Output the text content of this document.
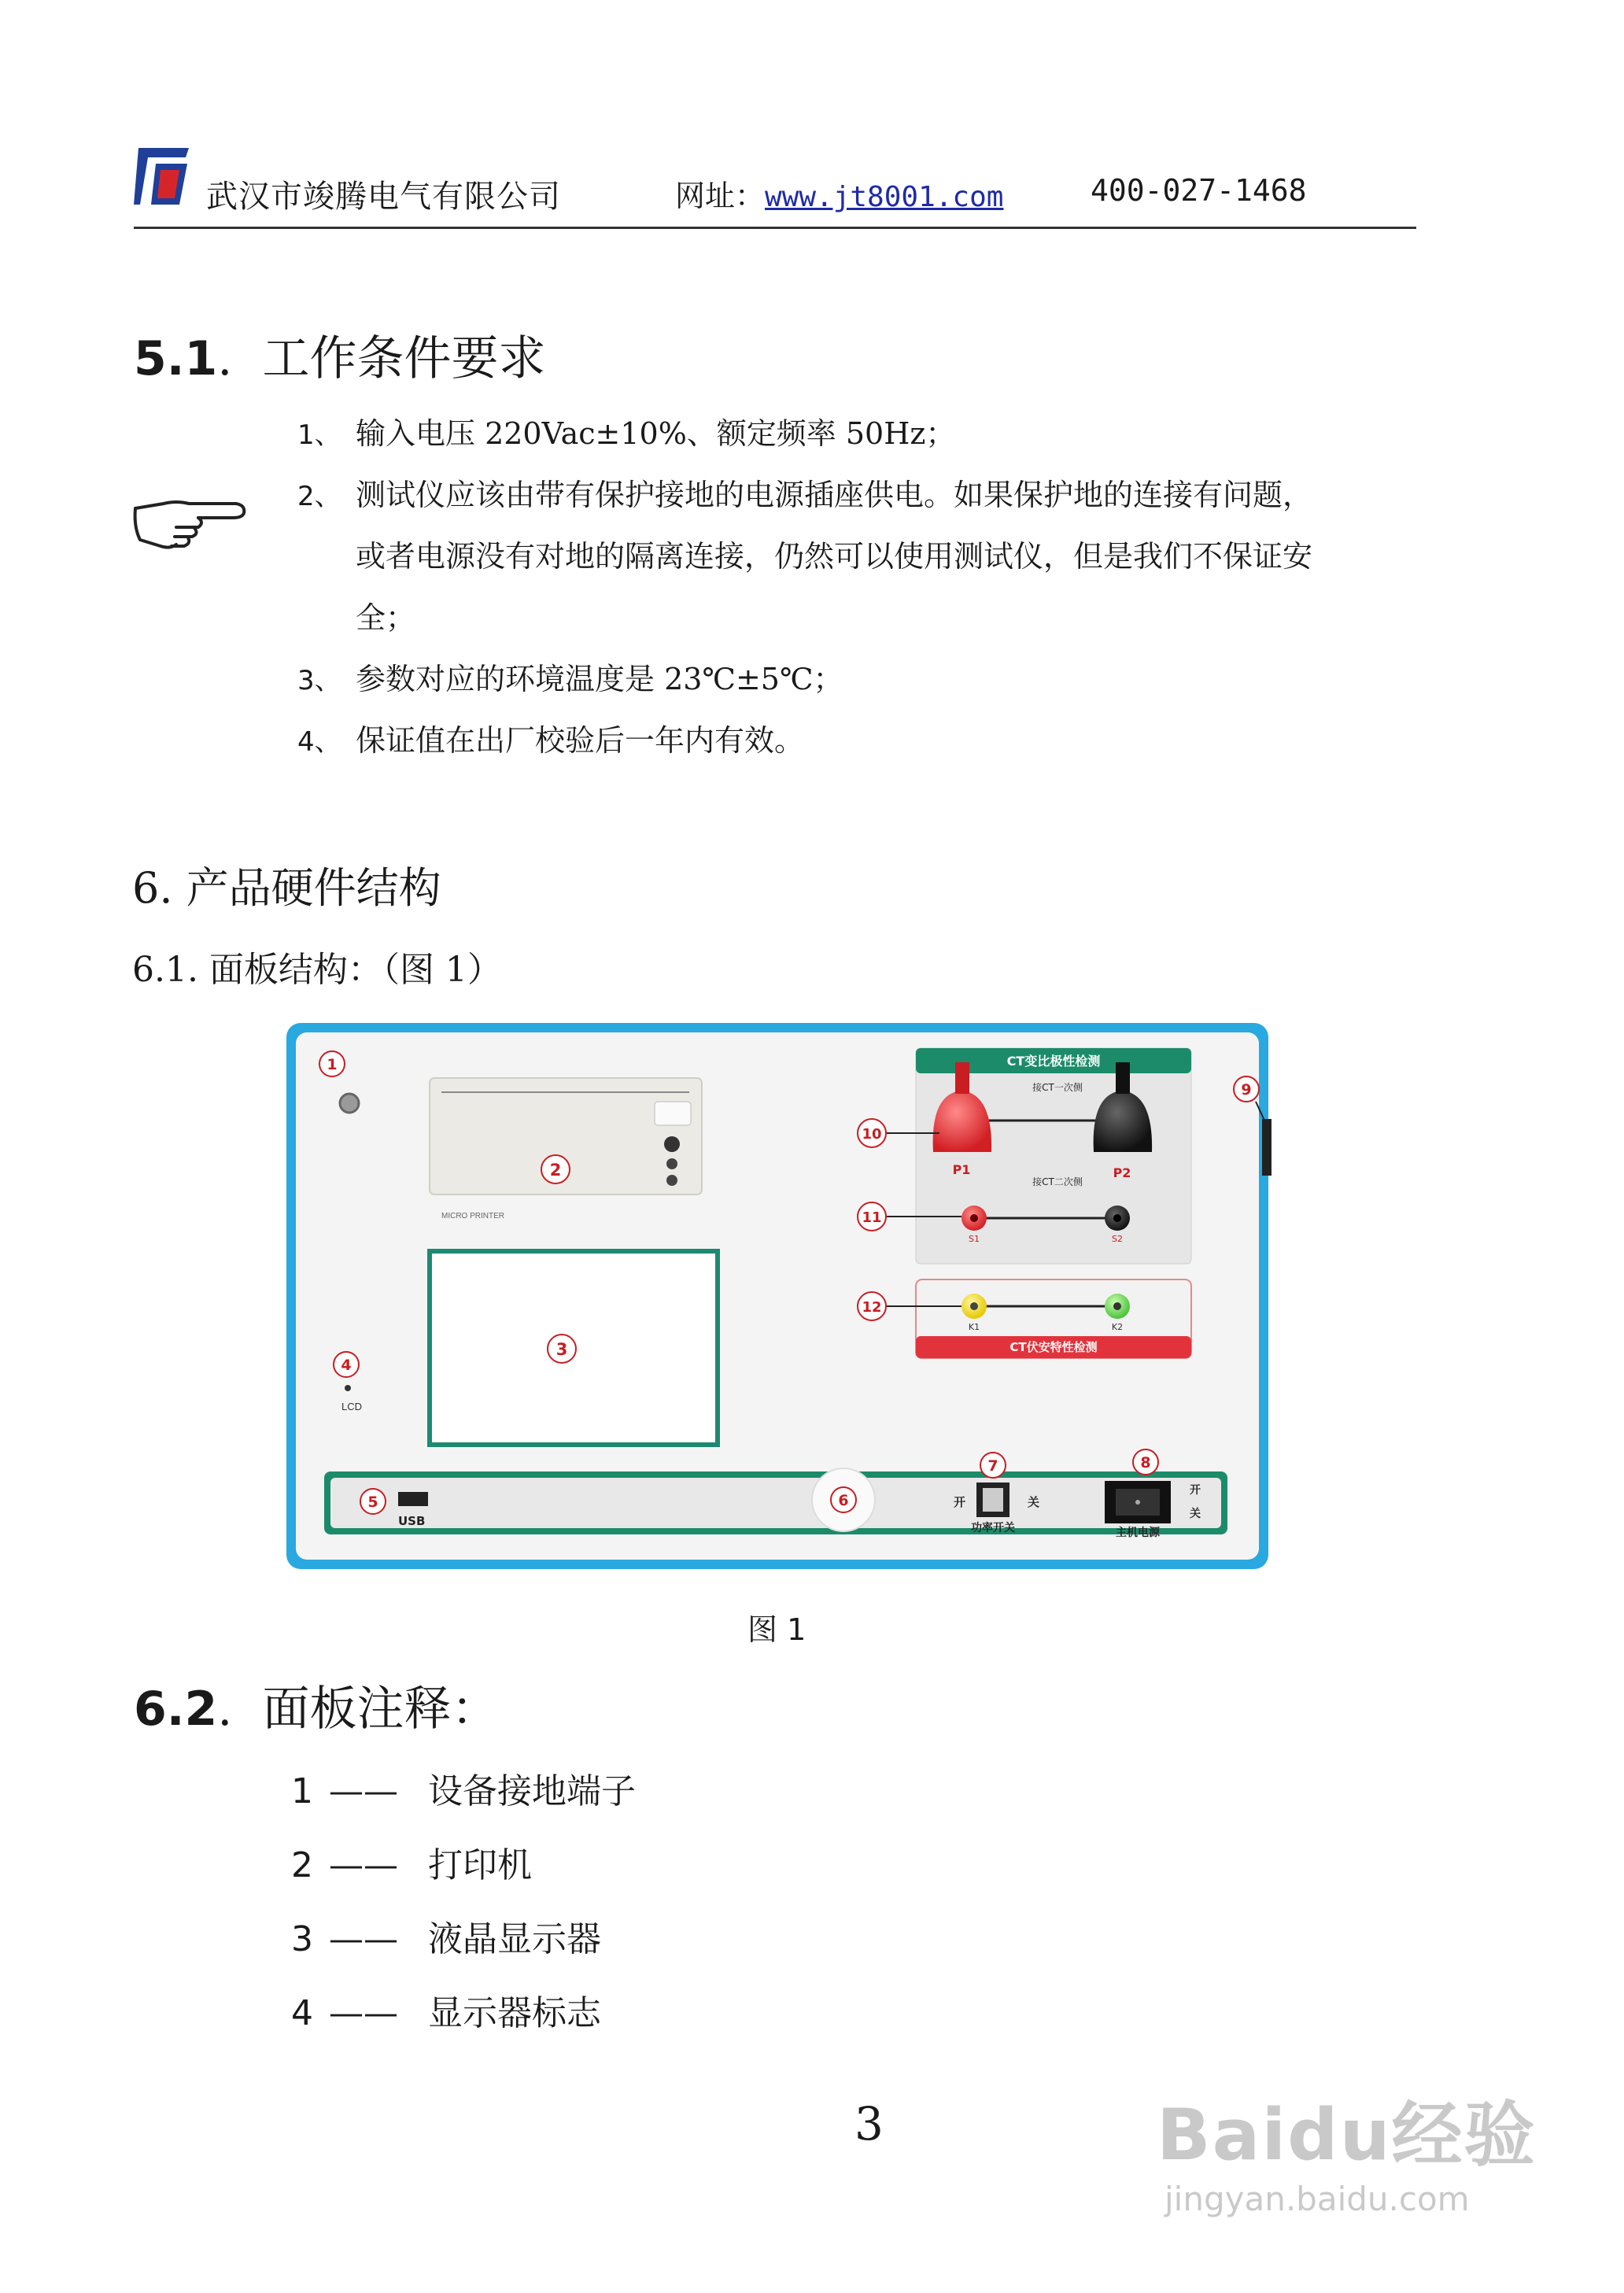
武汉市竣腾电气有限公司	网址：www.jt8001.com	400-027-1468
5.1.  工作条件要求
1、 输入电压 220Vac±10%、额定频率 50Hz；
2、 测试仪应该由带有保护接地的电源插座供电。如果保护地的连接有问题，
或者电源没有对地的隔离连接，仍然可以使用测试仪，但是我们不保证安
全；
3、 参数对应的环境温度是 23℃±5℃；
4、 保证值在出厂校验后一年内有效。
6. 产品硬件结构
6.1. 面板结构：（图 1）
MICRO PRINTER
LCD
CT变比极性检测
接CT一次侧
P1	P2
接CT二次侧
S1	S2
CT伏安特性检测
K1	K2
USB
开	关
功率开关
开
关
主机电源
1
2
3
4
5	6
7	8
9
10
11
12
图 1
6.2.  面板注释：
1 —— 设备接地端子
2 —— 打印机
3 —— 液晶显示器
4 —— 显示器标志
3	Baidu经验
jingyan.baidu.com
